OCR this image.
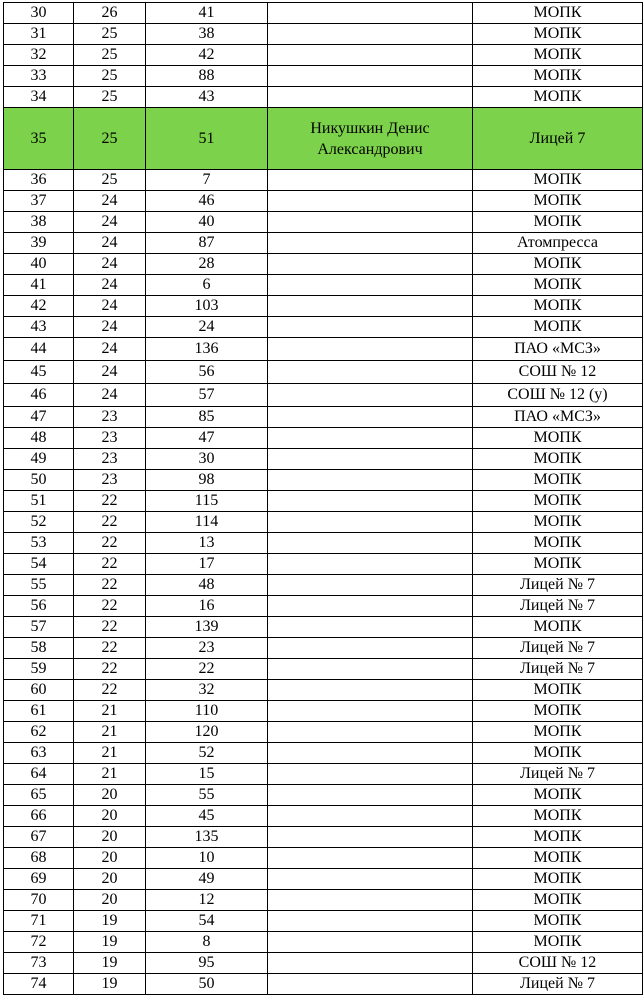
30	26	41		МОПК
31	25	38		МОПК
32	25	42		МОПК
33	25	88		МОПК
34	25	43		МОПК
35	25	51	Никушкин Денис Александрович	Лицей 7
36	25	7		МОПК
37	24	46		МОПК
38	24	40		МОПК
39	24	87		Атомпресса
40	24	28		МОПК
41	24	6		МОПК
42	24	103		МОПК
43	24	24		МОПК
44	24	136		ПАО «МСЗ»
45	24	56		СОШ № 12
46	24	57		СОШ № 12 (у)
47	23	85		ПАО «МСЗ»
48	23	47		МОПК
49	23	30		МОПК
50	23	98		МОПК
51	22	115		МОПК
52	22	114		МОПК
53	22	13		МОПК
54	22	17		МОПК
55	22	48		Лицей № 7
56	22	16		Лицей № 7
57	22	139		МОПК
58	22	23		Лицей № 7
59	22	22		Лицей № 7
60	22	32		МОПК
61	21	110		МОПК
62	21	120		МОПК
63	21	52		МОПК
64	21	15		Лицей № 7
65	20	55		МОПК
66	20	45		МОПК
67	20	135		МОПК
68	20	10		МОПК
69	20	49		МОПК
70	20	12		МОПК
71	19	54		МОПК
72	19	8		МОПК
73	19	95		СОШ № 12
74	19	50		Лицей № 7
